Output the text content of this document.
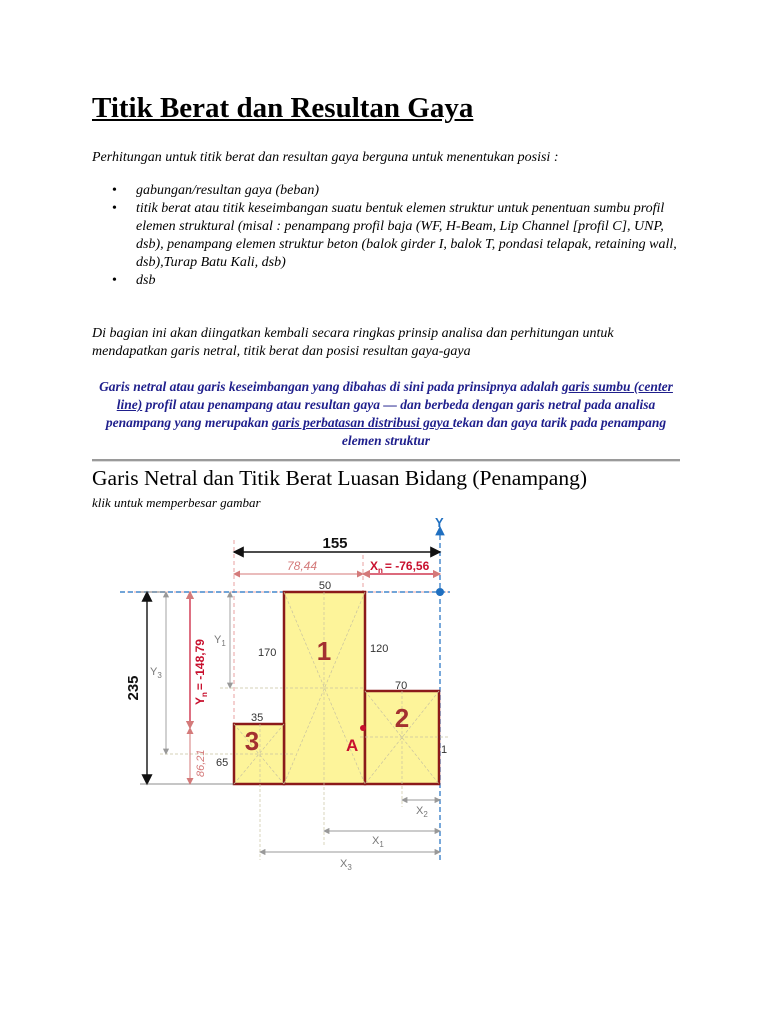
Titik Berat dan Resultan Gaya
Perhitungan untuk titik berat dan resultan gaya berguna untuk menentukan posisi :
• gabungan/resultan gaya (beban)
• titik berat atau titik keseimbangan suatu bentuk elemen struktur untuk penentuan sumbu profil elemen struktural (misal : penampang profil baja (WF, H-Beam, Lip Channel [profil C], UNP, dsb), penampang elemen struktur beton (balok girder I, balok T, pondasi telapak, retaining wall, dsb),Turap Batu Kali, dsb)
• dsb
Di bagian ini akan diingatkan kembali secara ringkas prinsip analisa dan perhitungan untuk mendapatkan garis netral, titik berat dan posisi resultan gaya-gaya
Garis netral atau garis keseimbangan yang dibahas di sini pada prinsipnya adalah garis sumbu (center line) profil atau penampang atau resultan gaya — dan berbeda dengan garis netral pada analisa penampang yang merupakan garis perbatasan distribusi gaya tekan dan gaya tarik pada penampang elemen struktur
Garis Netral dan Titik Berat Luasan Bidang (Penampang)
klik untuk memperbesar gambar
Y
155
78,44	$X_n = -76,56$
50
170	120
70
35
65
1
1
2
3	A
235
$Y_3$
$Y_n= -148,79$
86,21
$Y_1$
$X_2$
$X_1$
$X_3$
